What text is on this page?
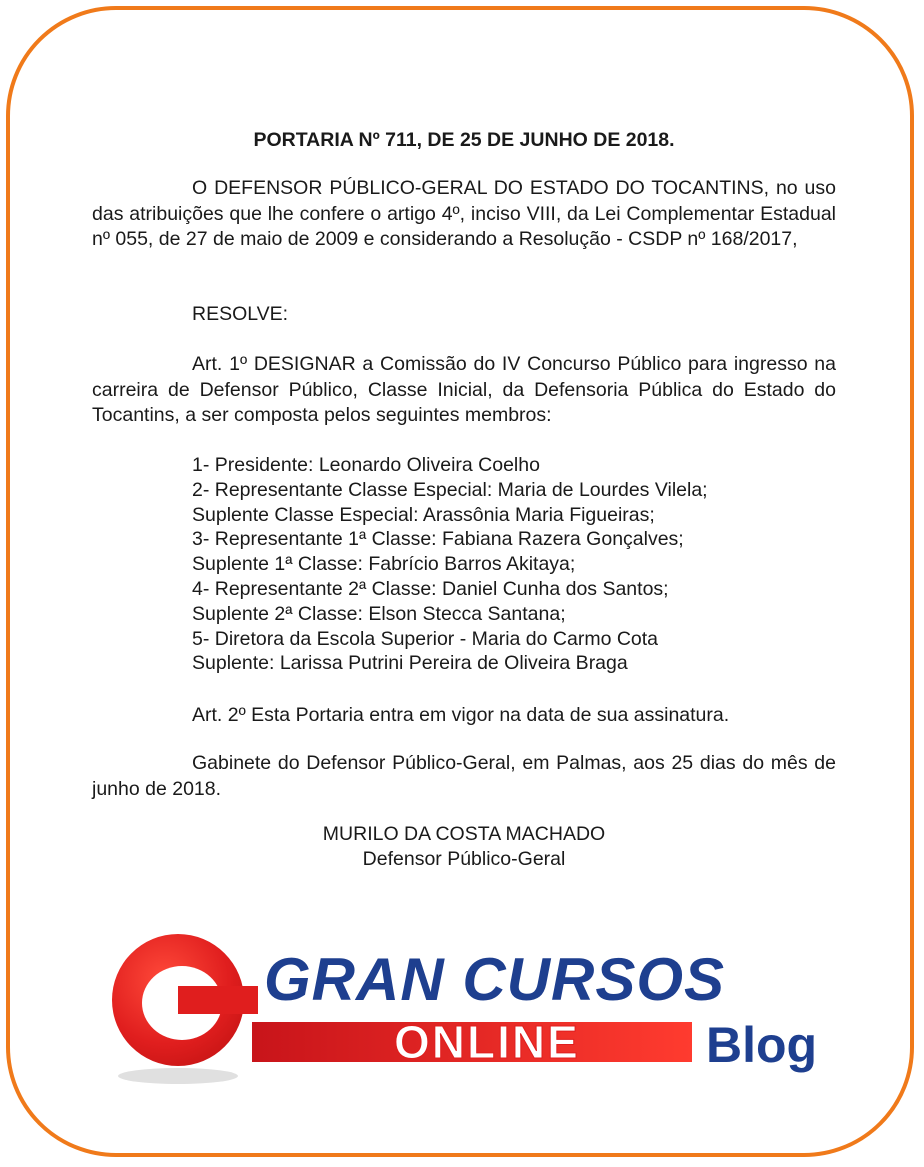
PORTARIA Nº 711, DE 25 DE JUNHO DE 2018.

O DEFENSOR PÚBLICO-GERAL DO ESTADO DO TOCANTINS, no uso das atribuições que lhe confere o artigo 4º, inciso VIII, da Lei Complementar Estadual nº 055, de 27 de maio de 2009 e considerando a Resolução - CSDP nº 168/2017,

RESOLVE:

Art. 1º DESIGNAR a Comissão do IV Concurso Público para ingresso na carreira de Defensor Público, Classe Inicial, da Defensoria Pública do Estado do Tocantins, a ser composta pelos seguintes membros:

1- Presidente: Leonardo Oliveira Coelho
2- Representante Classe Especial: Maria de Lourdes Vilela;
Suplente Classe Especial: Arassônia Maria Figueiras;
3- Representante 1ª Classe: Fabiana Razera Gonçalves;
Suplente 1ª Classe: Fabrício Barros Akitaya;
4- Representante 2ª Classe: Daniel Cunha dos Santos;
Suplente 2ª Classe: Elson Stecca Santana;
5- Diretora da Escola Superior - Maria do Carmo Cota
Suplente: Larissa Putrini Pereira de Oliveira Braga

Art. 2º Esta Portaria entra em vigor na data de sua assinatura.

Gabinete do Defensor Público-Geral, em Palmas, aos 25 dias do mês de junho de 2018.

MURILO DA COSTA MACHADO
Defensor Público-Geral
GRAN CURSOS
ONLINE	Blog
